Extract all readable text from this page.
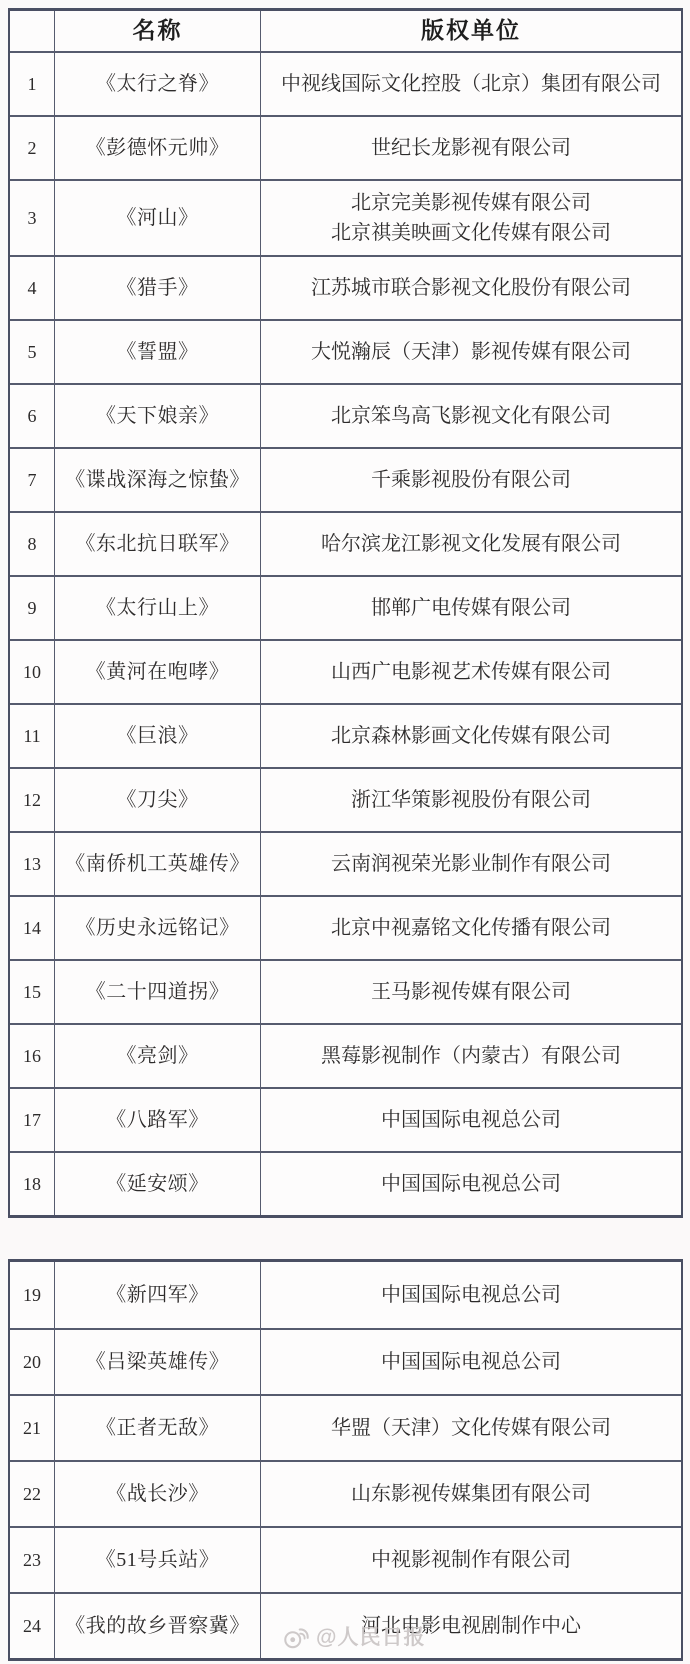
名称	版权单位
1	《太行之脊》	中视线国际文化控股（北京）集团有限公司
2	《彭德怀元帅》	世纪长龙影视有限公司
3	《河山》
北京完美影视传媒有限公司
北京祺美映画文化传媒有限公司
4	《猎手》	江苏城市联合影视文化股份有限公司
5	《誓盟》	大悦瀚辰（天津）影视传媒有限公司
6	《天下娘亲》	北京笨鸟高飞影视文化有限公司
7	《谍战深海之惊蛰》	千乘影视股份有限公司
8	《东北抗日联军》	哈尔滨龙江影视文化发展有限公司
9	《太行山上》	邯郸广电传媒有限公司
10	《黄河在咆哮》	山西广电影视艺术传媒有限公司
11	《巨浪》	北京森林影画文化传媒有限公司
12	《刀尖》	浙江华策影视股份有限公司
13	《南侨机工英雄传》	云南润视荣光影业制作有限公司
14	《历史永远铭记》	北京中视嘉铭文化传播有限公司
15	《二十四道拐》	王马影视传媒有限公司
16	《亮剑》	黑莓影视制作（内蒙古）有限公司
17	《八路军》	中国国际电视总公司
18	《延安颂》	中国国际电视总公司
19	《新四军》	中国国际电视总公司
20	《吕梁英雄传》	中国国际电视总公司
21	《正者无敌》	华盟（天津）文化传媒有限公司
22	《战长沙》	山东影视传媒集团有限公司
23	《51号兵站》	中视影视制作有限公司
24	《我的故乡晋察冀》	河北电影电视剧制作中心
@人民日报
